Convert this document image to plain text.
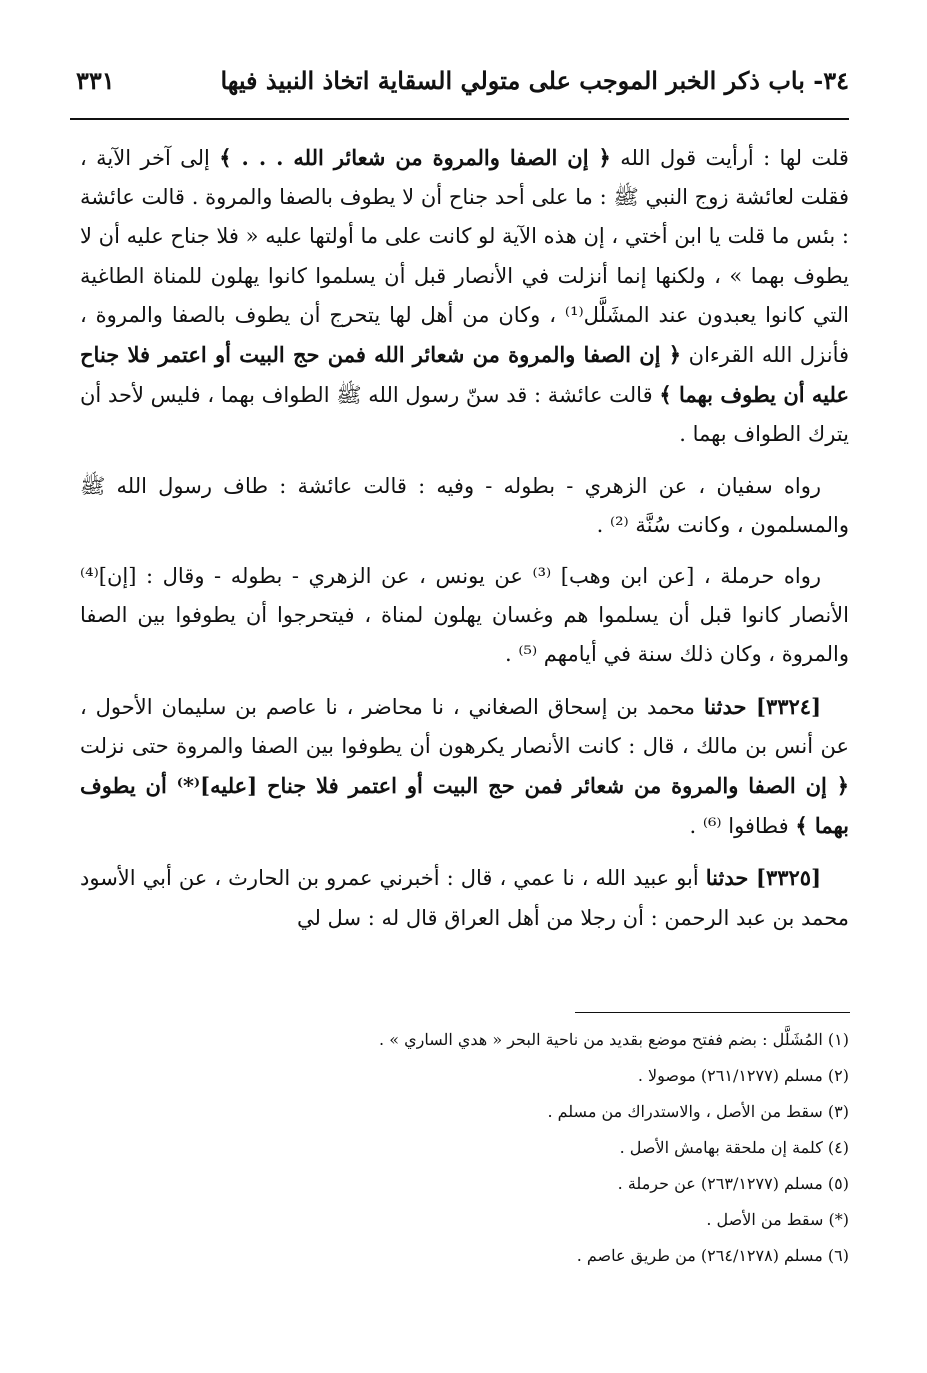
٣٤- باب ذكر الخبر الموجب على متولي السقاية اتخاذ النبيذ فيها
٣٣١

قلت لها : أرأيت قول الله ﴿ إن الصفا والمروة من شعائر الله . . . ﴾ إلى آخر الآية ، فقلت لعائشة زوج النبي ﷺ : ما على أحد جناح أن لا يطوف بالصفا والمروة . قالت عائشة : بئس ما قلت يا ابن أختي ، إن هذه الآية لو كانت على ما أولتها عليه « فلا جناح عليه أن لا يطوف بهما » ، ولكنها إنما أنزلت في الأنصار قبل أن يسلموا كانوا يهلون للمناة الطاغية التي كانوا يعبدون عند المشَلَّل⁽¹⁾ ، وكان من أهل لها يتحرج أن يطوف بالصفا والمروة ، فأنزل الله القرءان ﴿ إن الصفا والمروة من شعائر الله فمن حج البيت أو اعتمر فلا جناح عليه أن يطوف بهما ﴾ قالت عائشة : قد سنّ رسول الله ﷺ الطواف بهما ، فليس لأحد أن يترك الطواف بهما .

رواه سفيان ، عن الزهري - بطوله - وفيه : قالت عائشة : طاف رسول الله ﷺ والمسلمون ، وكانت سُنَّة ⁽²⁾ .

رواه حرملة ، [عن ابن وهب] ⁽³⁾ عن يونس ، عن الزهري - بطوله - وقال : [إن]⁽⁴⁾ الأنصار كانوا قبل أن يسلموا هم وغسان يهلون لمناة ، فيتحرجوا أن يطوفوا بين الصفا والمروة ، وكان ذلك سنة في أيامهم ⁽⁵⁾ .

[٣٣٢٤] حدثنا محمد بن إسحاق الصغاني ، نا محاضر ، نا عاصم بن سليمان الأحول ، عن أنس بن مالك ، قال : كانت الأنصار يكرهون أن يطوفوا بين الصفا والمروة حتى نزلت ﴿ إن الصفا والمروة من شعائر فمن حج البيت أو اعتمر فلا جناح [عليه]⁽*⁾ أن يطوف بهما ﴾ فطافوا ⁽⁶⁾ .

[٣٣٢٥] حدثنا أبو عبيد الله ، نا عمي ، قال : أخبرني عمرو بن الحارث ، عن أبي الأسود محمد بن عبد الرحمن : أن رجلا من أهل العراق قال له : سل لي

(١) المُشَلَّل : بضم ففتح موضع بقديد من ناحية البحر « هدي الساري » .
(٢) مسلم (٢٦١/١٢٧٧) موصولا .
(٣) سقط من الأصل ، والاستدراك من مسلم .
(٤) كلمة إن ملحقة بهامش الأصل .
(٥) مسلم (٢٦٣/١٢٧٧) عن حرملة .
(*) سقط من الأصل .
(٦) مسلم (٢٦٤/١٢٧٨) من طريق عاصم .
